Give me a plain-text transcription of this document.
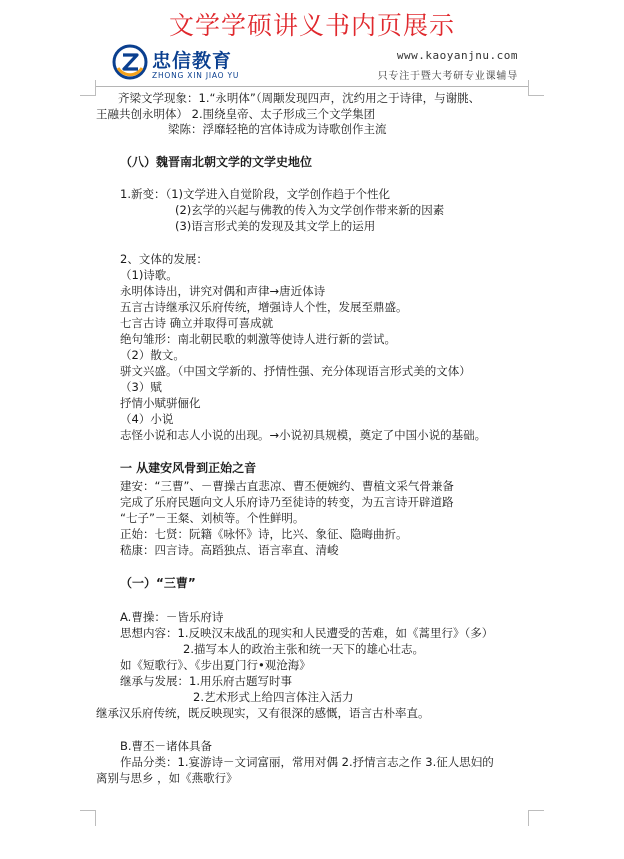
文学学硕讲义书内页展示
忠信教育
ZHONG XIN JIAO YU
www.kaoyanjnu.com
只专注于暨大考研专业课辅导
齐梁文学现象：1.“永明体”（周颙发现四声，沈约用之于诗律，与谢朓、
王融共创永明体） 2.围绕皇帝、太子形成三个文学集团
梁陈：浮靡轻艳的宫体诗成为诗歌创作主流
（八）魏晋南北朝文学的文学史地位
1.新变：（1)文学进入自觉阶段，文学创作趋于个性化
(2)玄学的兴起与佛教的传入为文学创作带来新的因素
(3)语言形式美的发现及其文学上的运用
2、文体的发展：
（1)诗歌。
永明体诗出，讲究对偶和声律→唐近体诗
五言古诗继承汉乐府传统，增强诗人个性，发展至鼎盛。
七言古诗 确立并取得可喜成就
绝句雏形：南北朝民歌的刺激等使诗人进行新的尝试。
（2）散文。
骈文兴盛。（中国文学新的、抒情性强、充分体现语言形式美的文体）
（3）赋
抒情小赋骈俪化
（4）小说
志怪小说和志人小说的出现。→小说初具规模，奠定了中国小说的基础。
一 从建安风骨到正始之音
建安：“三曹”、－曹操古直悲凉、曹丕便婉约、曹植文采气骨兼备
完成了乐府民题向文人乐府诗乃至徒诗的转变，为五言诗开辟道路
“七子”－王粲、刘桢等。个性鲜明。
正始：七贤：阮籍《咏怀》诗，比兴、象征、隐晦曲折。
嵇康：四言诗。高蹈独点、语言率直、清峻
（一）“三曹”
A.曹操：－皆乐府诗
思想内容：1.反映汉末战乱的现实和人民遭受的苦难，如《蒿里行》（多）
2.描写本人的政治主张和统一天下的雄心壮志。
如《短歌行》、《步出夏门行•观沧海》
继承与发展：1.用乐府古题写时事
2.艺术形式上给四言体注入活力
继承汉乐府传统，既反映现实，又有很深的感慨，语言古朴率直。
B.曹丕－诸体具备
作品分类：1.宴游诗－文词富丽，常用对偶 2.抒情言志之作 3.征人思妇的
离别与思乡 ，如《燕歌行》
